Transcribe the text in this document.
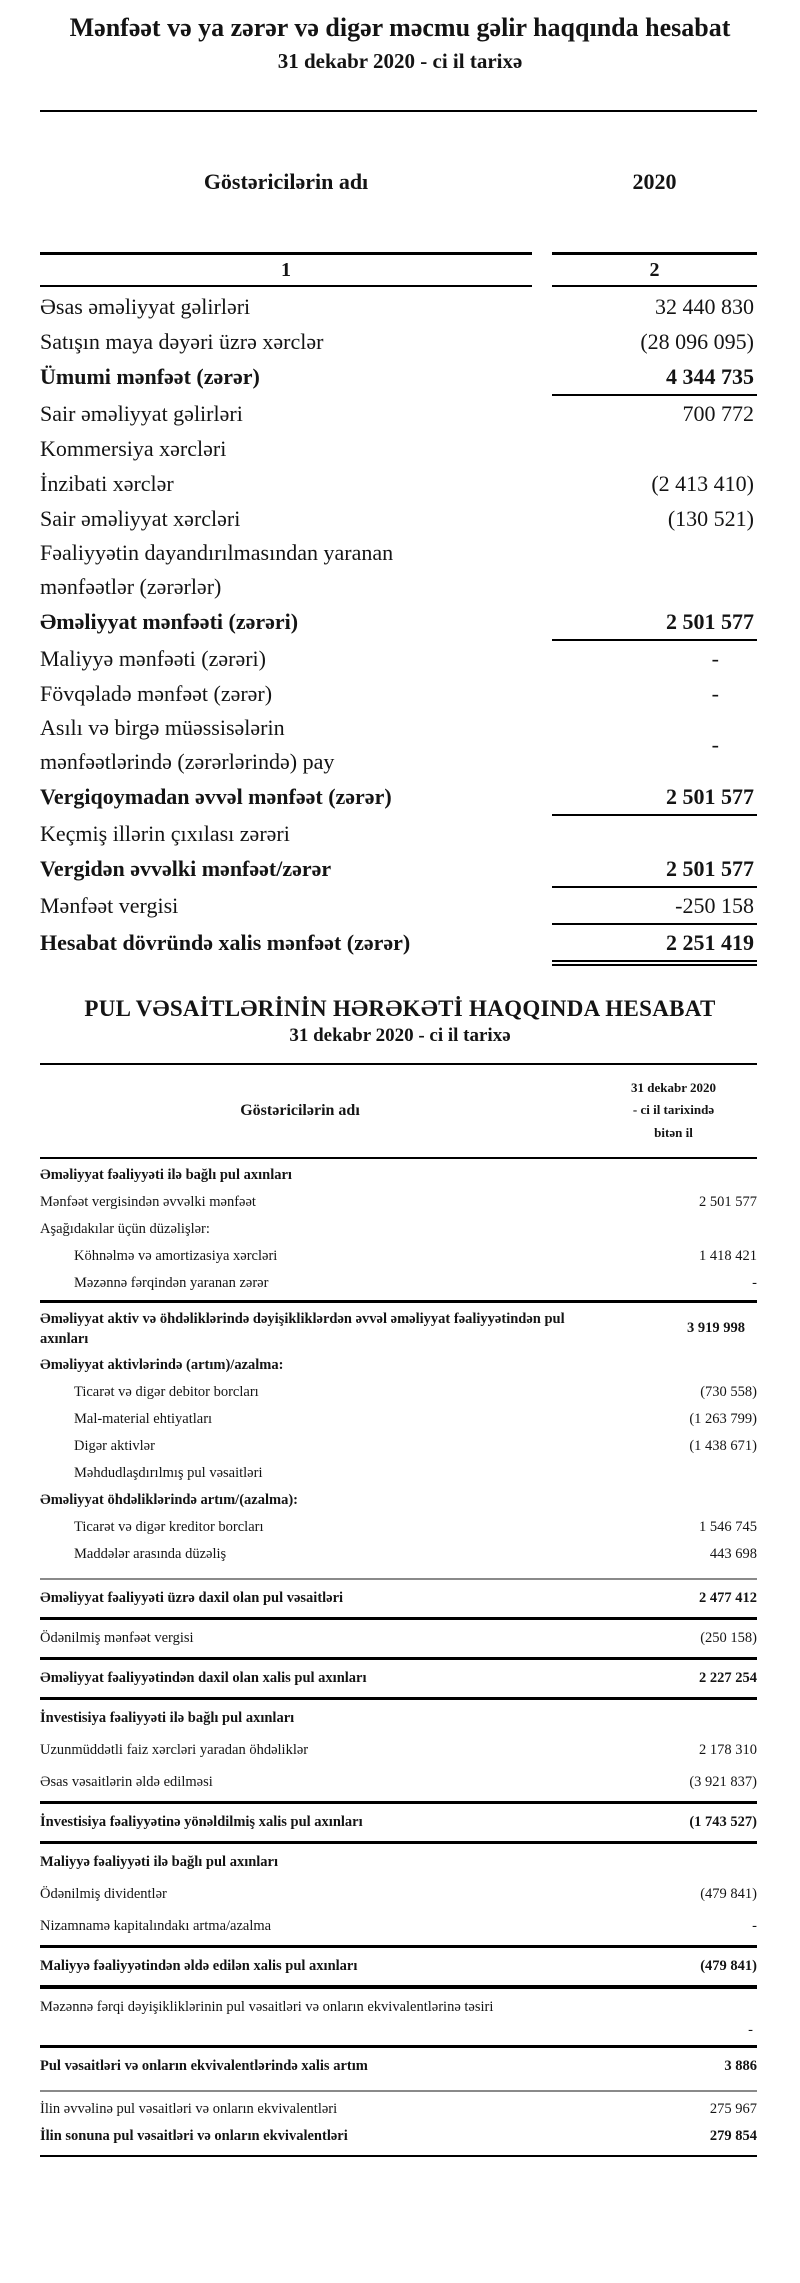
Mənfəət və ya zərər və digər məcmu gəlir haqqında hesabat
31 dekabr 2020 - ci il tarixə
Göstəricilərin adı	2020
1	2
Əsas əməliyyat gəlirləri	32 440 830
Satışın maya dəyəri üzrə xərclər	(28 096 095)
Ümumi mənfəət (zərər)	4 344 735
Sair əməliyyat gəlirləri	700 772
Kommersiya xərcləri
İnzibati xərclər	(2 413 410)
Sair əməliyyat xərcləri	(130 521)
Fəaliyyətin dayandırılmasından yaranan
mənfəətlər (zərərlər)
Əməliyyat mənfəəti (zərəri)	2 501 577
Maliyyə mənfəəti (zərəri)	-
Fövqəladə mənfəət (zərər)	-
Asılı və birgə müəssisələrin
mənfəətlərində (zərərlərində) pay
-
Vergiqoymadan əvvəl mənfəət (zərər)	2 501 577
Keçmiş illərin çıxılası zərəri
Vergidən əvvəlki mənfəət/zərər	2 501 577
Mənfəət vergisi	-250 158
Hesabat dövründə xalis mənfəət (zərər)	2 251 419
PUL VƏSAİTLƏRİNİN HƏRƏKƏTİ HAQQINDA HESABAT
31 dekabr 2020 - ci il tarixə
Göstəricilərin adı
31 dekabr 2020
- ci il tarixində
bitən il
Əməliyyat fəaliyyəti ilə bağlı pul axınları
Mənfəət vergisindən əvvəlki mənfəət	2 501 577
Aşağıdakılar üçün düzəlişlər:
Köhnəlmə və amortizasiya xərcləri	1 418 421
Məzənnə fərqindən yaranan zərər	-
Əməliyyat aktiv və öhdəliklərində dəyişikliklərdən əvvəl əməliyyat fəaliyyətindən pul axınları
3 919 998
Əməliyyat aktivlərində (artım)/azalma:
Ticarət və digər debitor borcları	(730 558)
Mal-material ehtiyatları	(1 263 799)
Digər aktivlər	(1 438 671)
Məhdudlaşdırılmış pul vəsaitləri
Əməliyyat öhdəliklərində artım/(azalma):
Ticarət və digər kreditor borcları	1 546 745
Maddələr arasında düzəliş	443 698
Əməliyyat fəaliyyəti üzrə daxil olan pul vəsaitləri	2 477 412
Ödənilmiş mənfəət vergisi	(250 158)
Əməliyyat fəaliyyətindən daxil olan xalis pul axınları	2 227 254
İnvestisiya fəaliyyəti ilə bağlı pul axınları
Uzunmüddətli faiz xərcləri yaradan öhdəliklər	2 178 310
Əsas vəsaitlərin əldə edilməsi	(3 921 837)
İnvestisiya fəaliyyətinə yönəldilmiş xalis pul axınları	(1 743 527)
Maliyyə fəaliyyəti ilə bağlı pul axınları
Ödənilmiş dividentlər	(479 841)
Nizamnamə kapitalındakı artma/azalma	-
Maliyyə fəaliyyətindən əldə edilən xalis pul axınları	(479 841)
Məzənnə fərqi dəyişikliklərinin pul vəsaitləri və onların ekvivalentlərinə təsiri
-
Pul vəsaitləri və onların ekvivalentlərində xalis artım	3 886
İlin əvvəlinə pul vəsaitləri və onların ekvivalentləri	275 967
İlin sonuna pul vəsaitləri və onların ekvivalentləri	279 854
